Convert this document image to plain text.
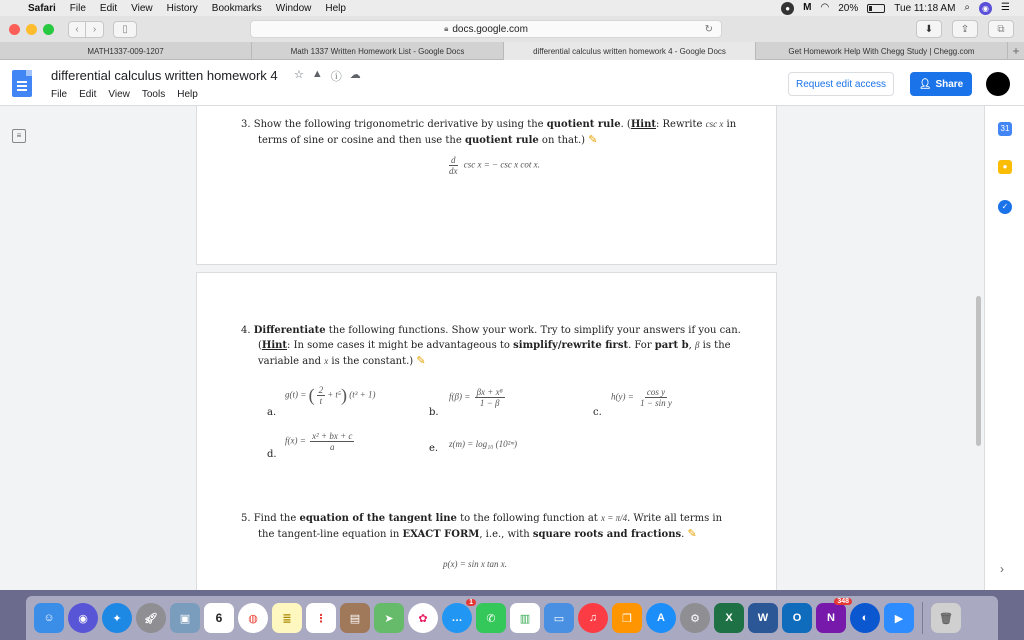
Safari File Edit View History Bookmarks Window Help	●	M ◠ 20%	Tue 11:18 AM ⌕	◉	☰
‹ ›	▯	🔒︎ docs.google.com	↻	⬇	⇪	⧉
MATH1337-009-1207	Math 1337 Written Homework List - Google Docs	differential calculus written homework 4 - Google Docs	Get Homework Help With Chegg Study | Chegg.com	+
differential calculus written homework 4 ☆ ▲ ⓘ ☁
File Edit View Tools Help
Request edit access	👤︎ Share
≡
3. Show the following trigonometric derivative by using the quotient rule. (Hint: Rewrite csc x in
terms of sine or cosine and then use the quotient rule on that.) ✎
$\frac{d}{dx}$ csc x = − csc x cot x.
4. Differentiate the following functions. Show your work. Try to simplify your answers if you can.
(Hint: In some cases it might be advantageous to simplify/rewrite first. For part b, β is the
variable and x is the constant.) ✎
a.
g(t) = ( $\frac{2}{t} + t^5$) (t³ + 1)
b.
$f(\beta) = \frac{\text{βx + x⁸}}{1 - \beta}$
c.
$h(y) = \frac{\text{cos y}}{\text{1 − sin y}}$
d.
$f(x) = \frac{\text{x² + bx + c}}{a}$	e. z(m) = log₁₀ (10²ᵐ)
5. Find the equation of the tangent line to the following function at x = π/4. Write all terms in
the tangent-line equation in EXACT FORM, i.e., with square roots and fractions. ✎
p(x) = sin x tan x.
31
●
✓
›
☺	◉	✦	🚀︎	▣	6	◍	≣	⋮	▤	➤	✿	…
1
✆	▥	▭	♫	❒	A	⚙	X	W	O	N
348
◐	▶	🗑︎
